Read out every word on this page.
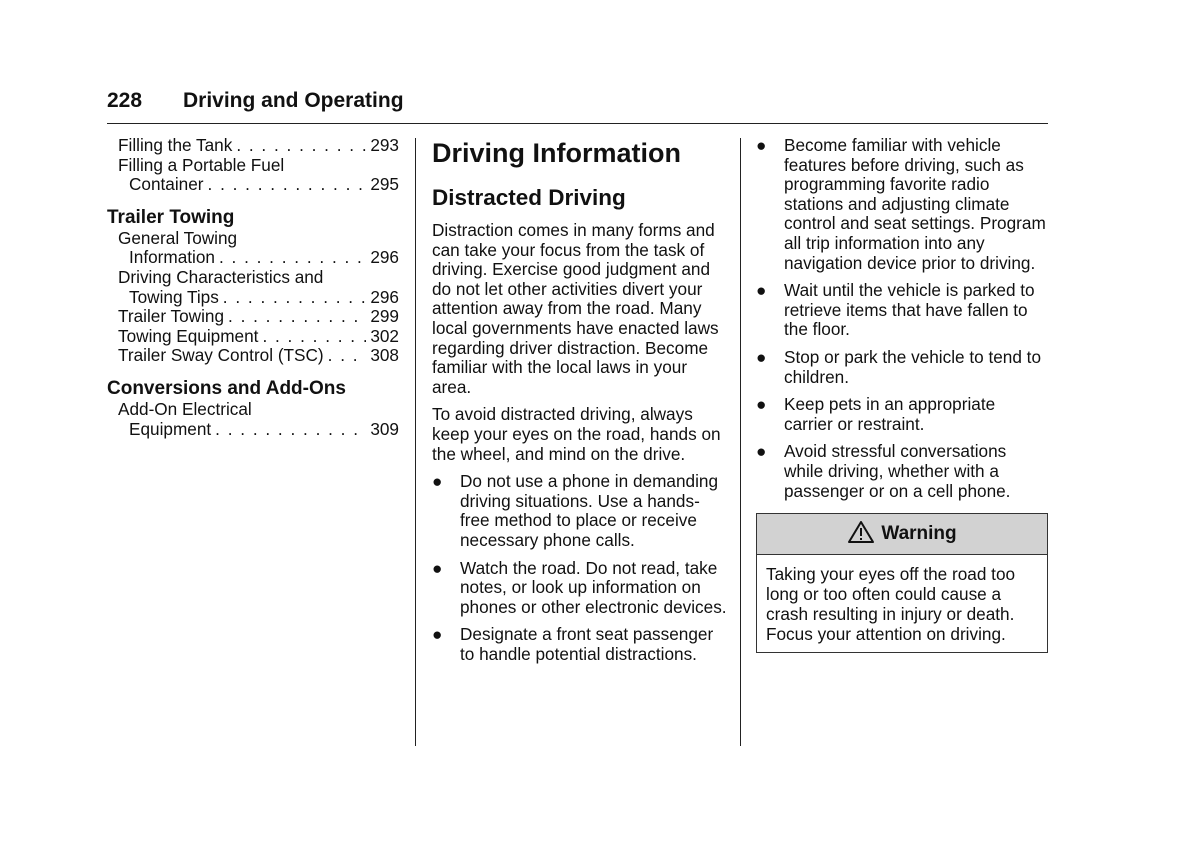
228 Driving and Operating
Filling the Tank . . .	293
Filling a Portable Fuel
Container . . .	295
Trailer Towing
General Towing
Information . . .	296
Driving Characteristics and
Towing Tips . . .	296
Trailer Towing . . .	299
Towing Equipment . . .	302
Trailer Sway Control (TSC) . . .	308
Conversions and Add-Ons
Add-On Electrical
Equipment . . .	309
Driving Information
Distracted Driving

Distraction comes in many forms and can take your focus from the task of driving. Exercise good judgment and do not let other activities divert your attention away from the road. Many local governments have enacted laws regarding driver distraction. Become familiar with the local laws in your area.

To avoid distracted driving, always keep your eyes on the road, hands on the wheel, and mind on the drive.

● Do not use a phone in demanding driving situations. Use a hands-free method to place or receive necessary phone calls.
● Watch the road. Do not read, take notes, or look up information on phones or other electronic devices.
● Designate a front seat passenger to handle potential distractions.
● Become familiar with vehicle features before driving, such as programming favorite radio stations and adjusting climate control and seat settings. Program all trip information into any navigation device prior to driving.
● Wait until the vehicle is parked to retrieve items that have fallen to the floor.
● Stop or park the vehicle to tend to children.
● Keep pets in an appropriate carrier or restraint.
● Avoid stressful conversations while driving, whether with a passenger or on a cell phone.
Warning
Taking your eyes off the road too long or too often could cause a crash resulting in injury or death. Focus your attention on driving.
